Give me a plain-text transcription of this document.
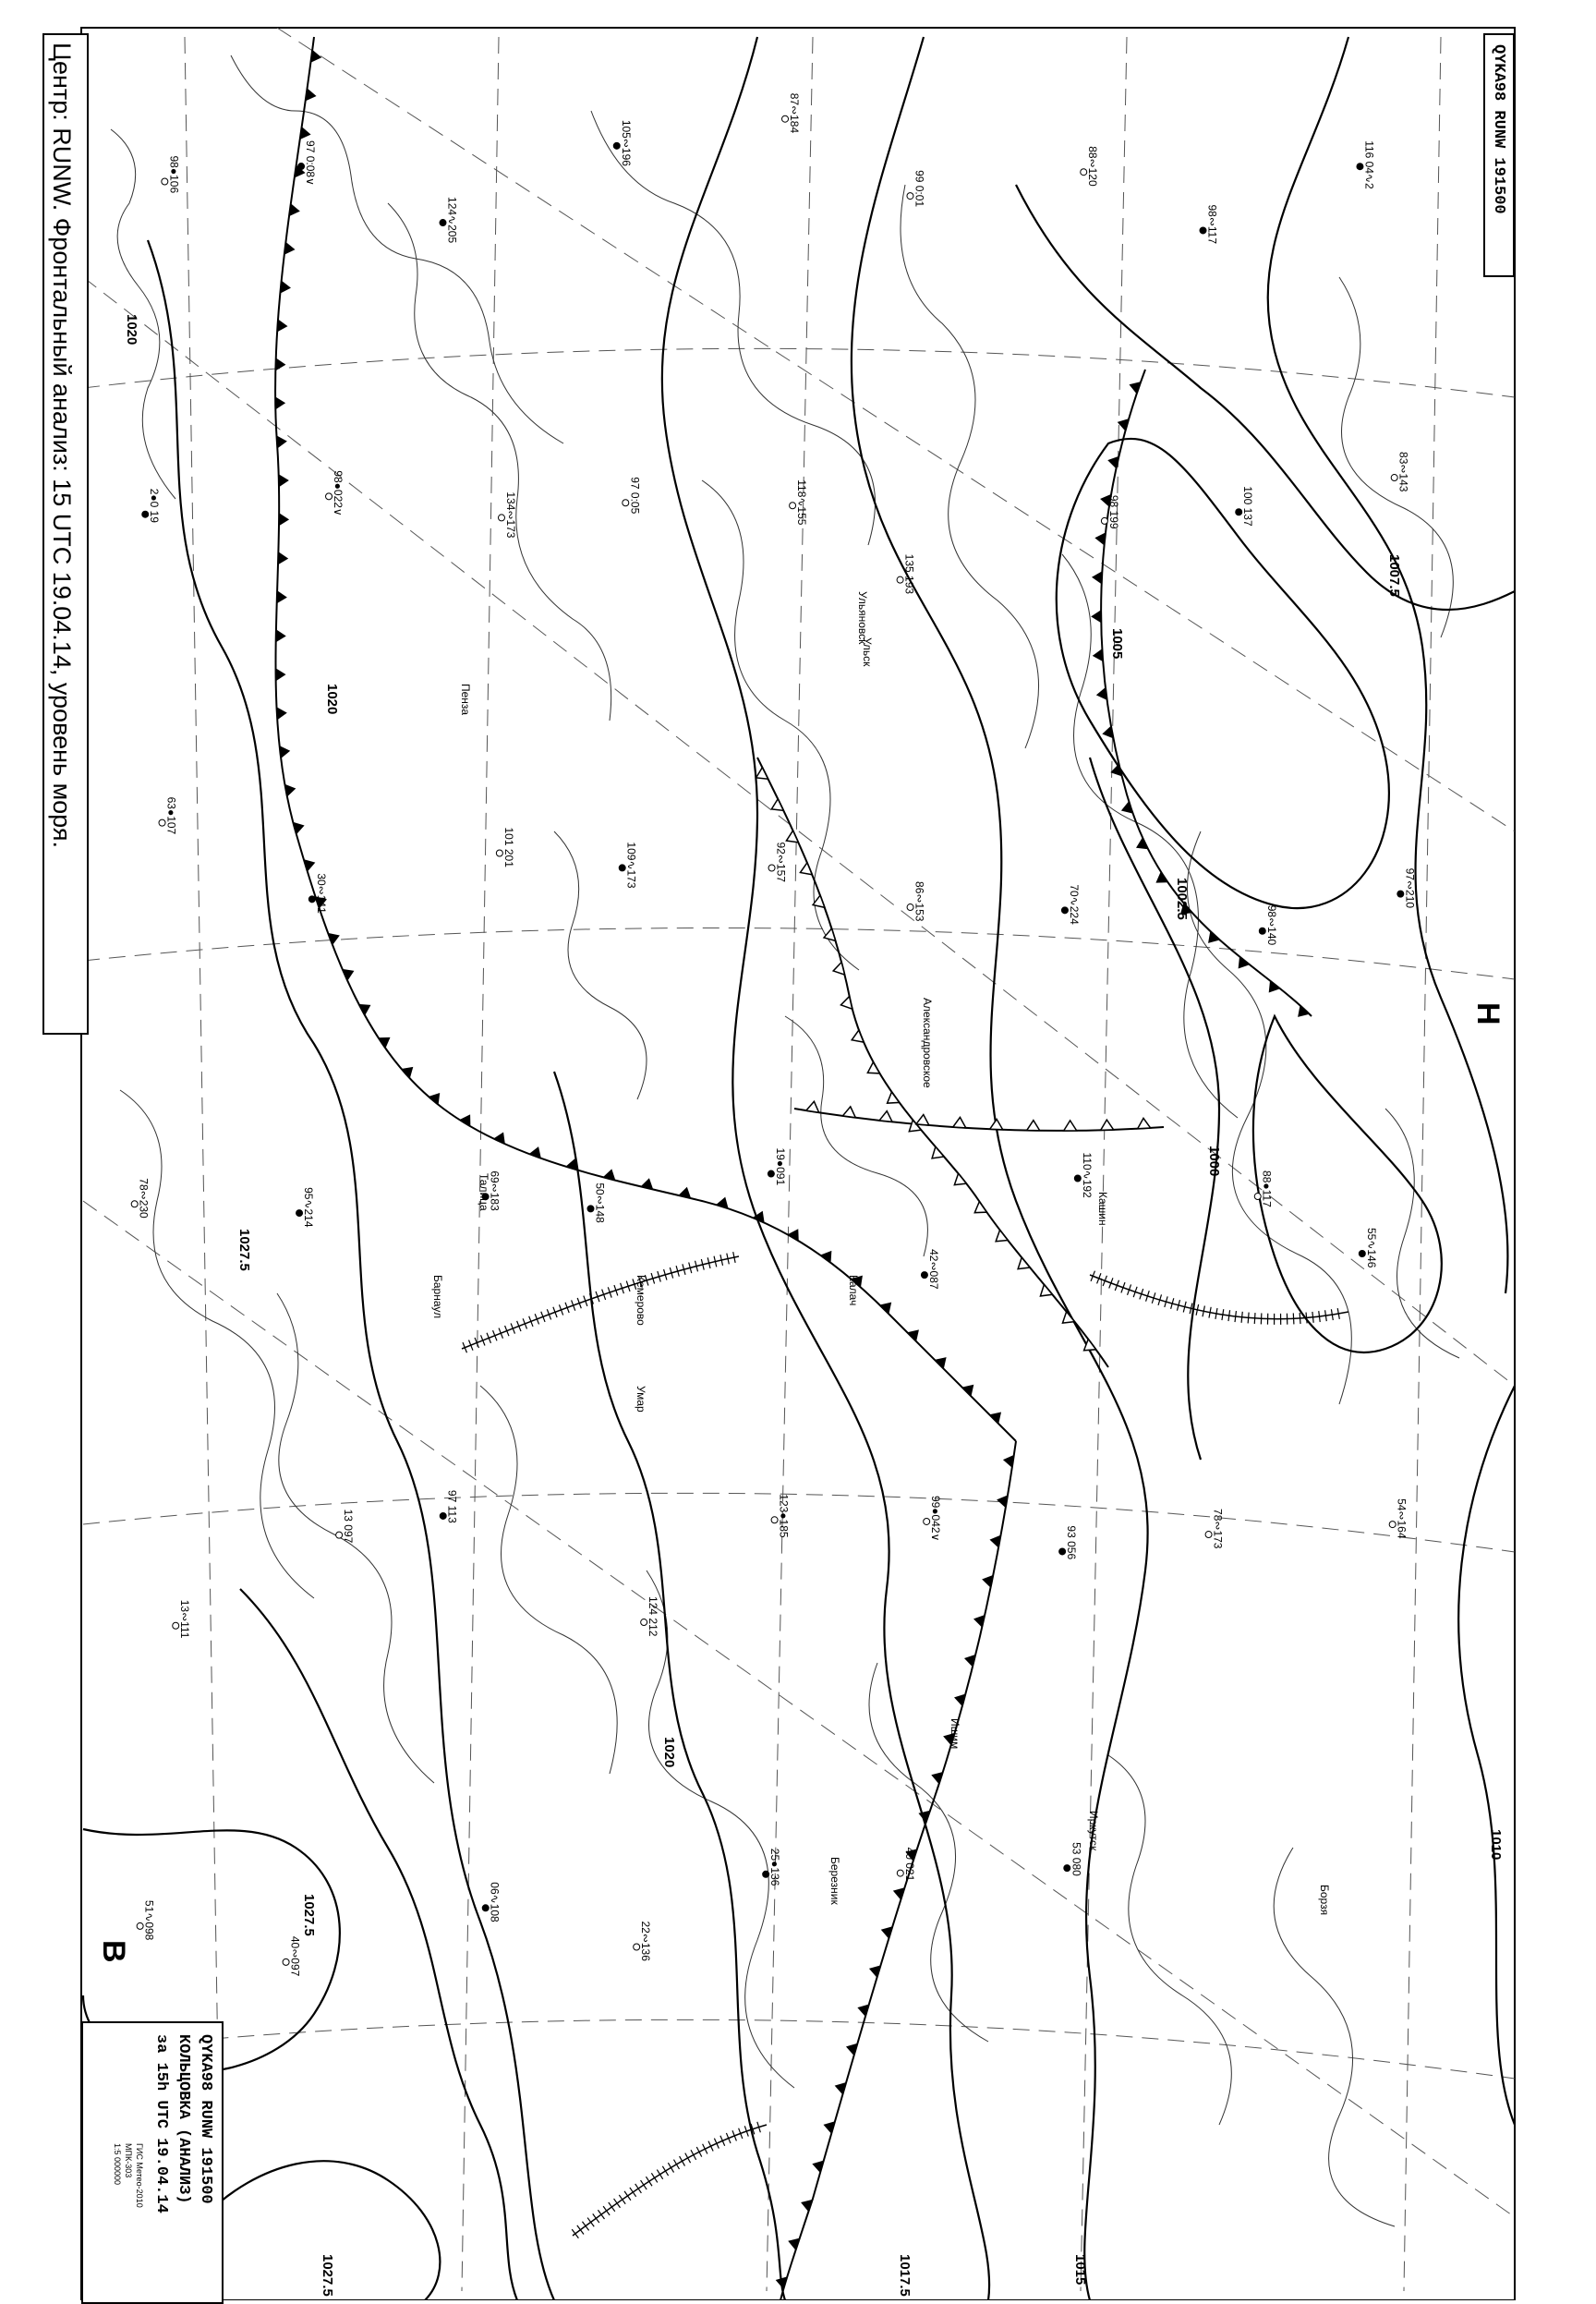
В
Н
1020
1020
1027.5
1027.5
1020
1017.5	1015
1010
1007.5
1005
1002.5
1000
1027.5
98●106	97 0:08∨
124∿205
105∾196
87∾184
99 0:01
88∾120
98∾117
116 04∿2
2●0 19	98●022∨	134∾173	97 0:05	118∿155
135 193
98 199	100 137
83∾143
63●107
30∾141
101 201	109∿173	92∾157
86∾153	70∿224
98∾140
97∾210
78∾230	95∿214	69∾183	50∾148
19●091
42∾087
110∿192	88●117
55∿146
13∾111
13 097
97 113
124 212
123●185	99●042∨
93 056	78∾173	54∾164
51∿098
40∾097
06∿108
22∾136
25●136	40 021	53 080
Умар
Ульяновск
Ульск
Пенза
Березник
Калач
Кашин
Ишим
Иркутск
Борзя
Александровское
Талица
Барнаул	Кемерово
Центр: RUNW. Фронтальный анализ: 15 UTC 19.04.14, уровень моря.	QYKA98 RUNW 191500
QYKA98 RUNW 191500
КОЛЬЦОВКА (АНАЛИЗ)
за 15h UTC 19.04.14
ГИС Метео-2010
МПК-303
1:5 000000
